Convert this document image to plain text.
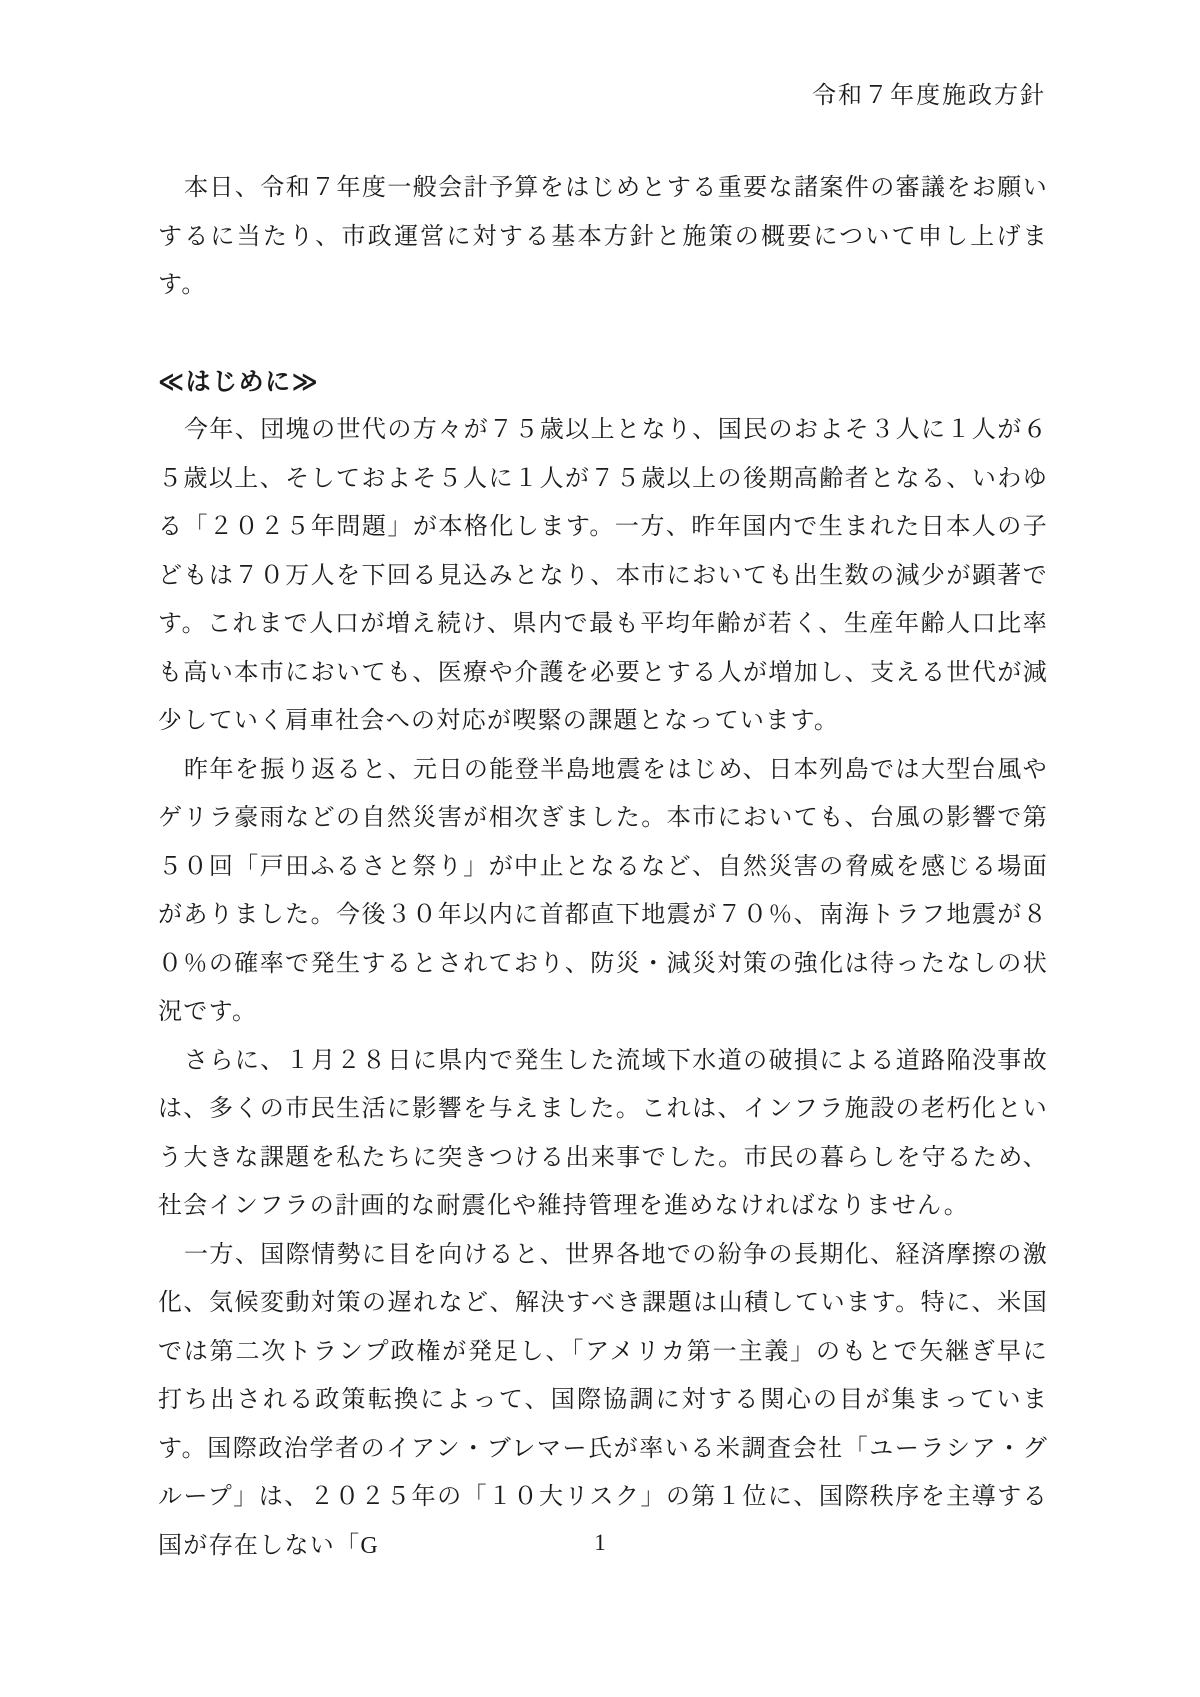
令和７年度施政方針

本日、令和７年度一般会計予算をはじめとする重要な諸案件の審議をお願いするに当たり、市政運営に対する基本方針と施策の概要について申し上げます。

≪はじめに≫

今年、団塊の世代の方々が７５歳以上となり、国民のおよそ３人に１人が６５歳以上、そしておよそ５人に１人が７５歳以上の後期高齢者となる、いわゆる「２０２５年問題」が本格化します。一方、昨年国内で生まれた日本人の子どもは７０万人を下回る見込みとなり、本市においても出生数の減少が顕著です。これまで人口が増え続け、県内で最も平均年齢が若く、生産年齢人口比率も高い本市においても、医療や介護を必要とする人が増加し、支える世代が減少していく肩車社会への対応が喫緊の課題となっています。

昨年を振り返ると、元日の能登半島地震をはじめ、日本列島では大型台風やゲリラ豪雨などの自然災害が相次ぎました。本市においても、台風の影響で第５０回「戸田ふるさと祭り」が中止となるなど、自然災害の脅威を感じる場面がありました。今後３０年以内に首都直下地震が７０％、南海トラフ地震が８０％の確率で発生するとされており、防災・減災対策の強化は待ったなしの状況です。

さらに、１月２８日に県内で発生した流域下水道の破損による道路陥没事故は、多くの市民生活に影響を与えました。これは、インフラ施設の老朽化という大きな課題を私たちに突きつける出来事でした。市民の暮らしを守るため、社会インフラの計画的な耐震化や維持管理を進めなければなりません。

一方、国際情勢に目を向けると、世界各地での紛争の長期化、経済摩擦の激化、気候変動対策の遅れなど、解決すべき課題は山積しています。特に、米国では第二次トランプ政権が発足し、「アメリカ第一主義」のもとで矢継ぎ早に打ち出される政策転換によって、国際協調に対する関心の目が集まっています。国際政治学者のイアン・ブレマー氏が率いる米調査会社「ユーラシア・グループ」は、２０２５年の「１０大リスク」の第１位に、国際秩序を主導する国が存在しない「G	1
